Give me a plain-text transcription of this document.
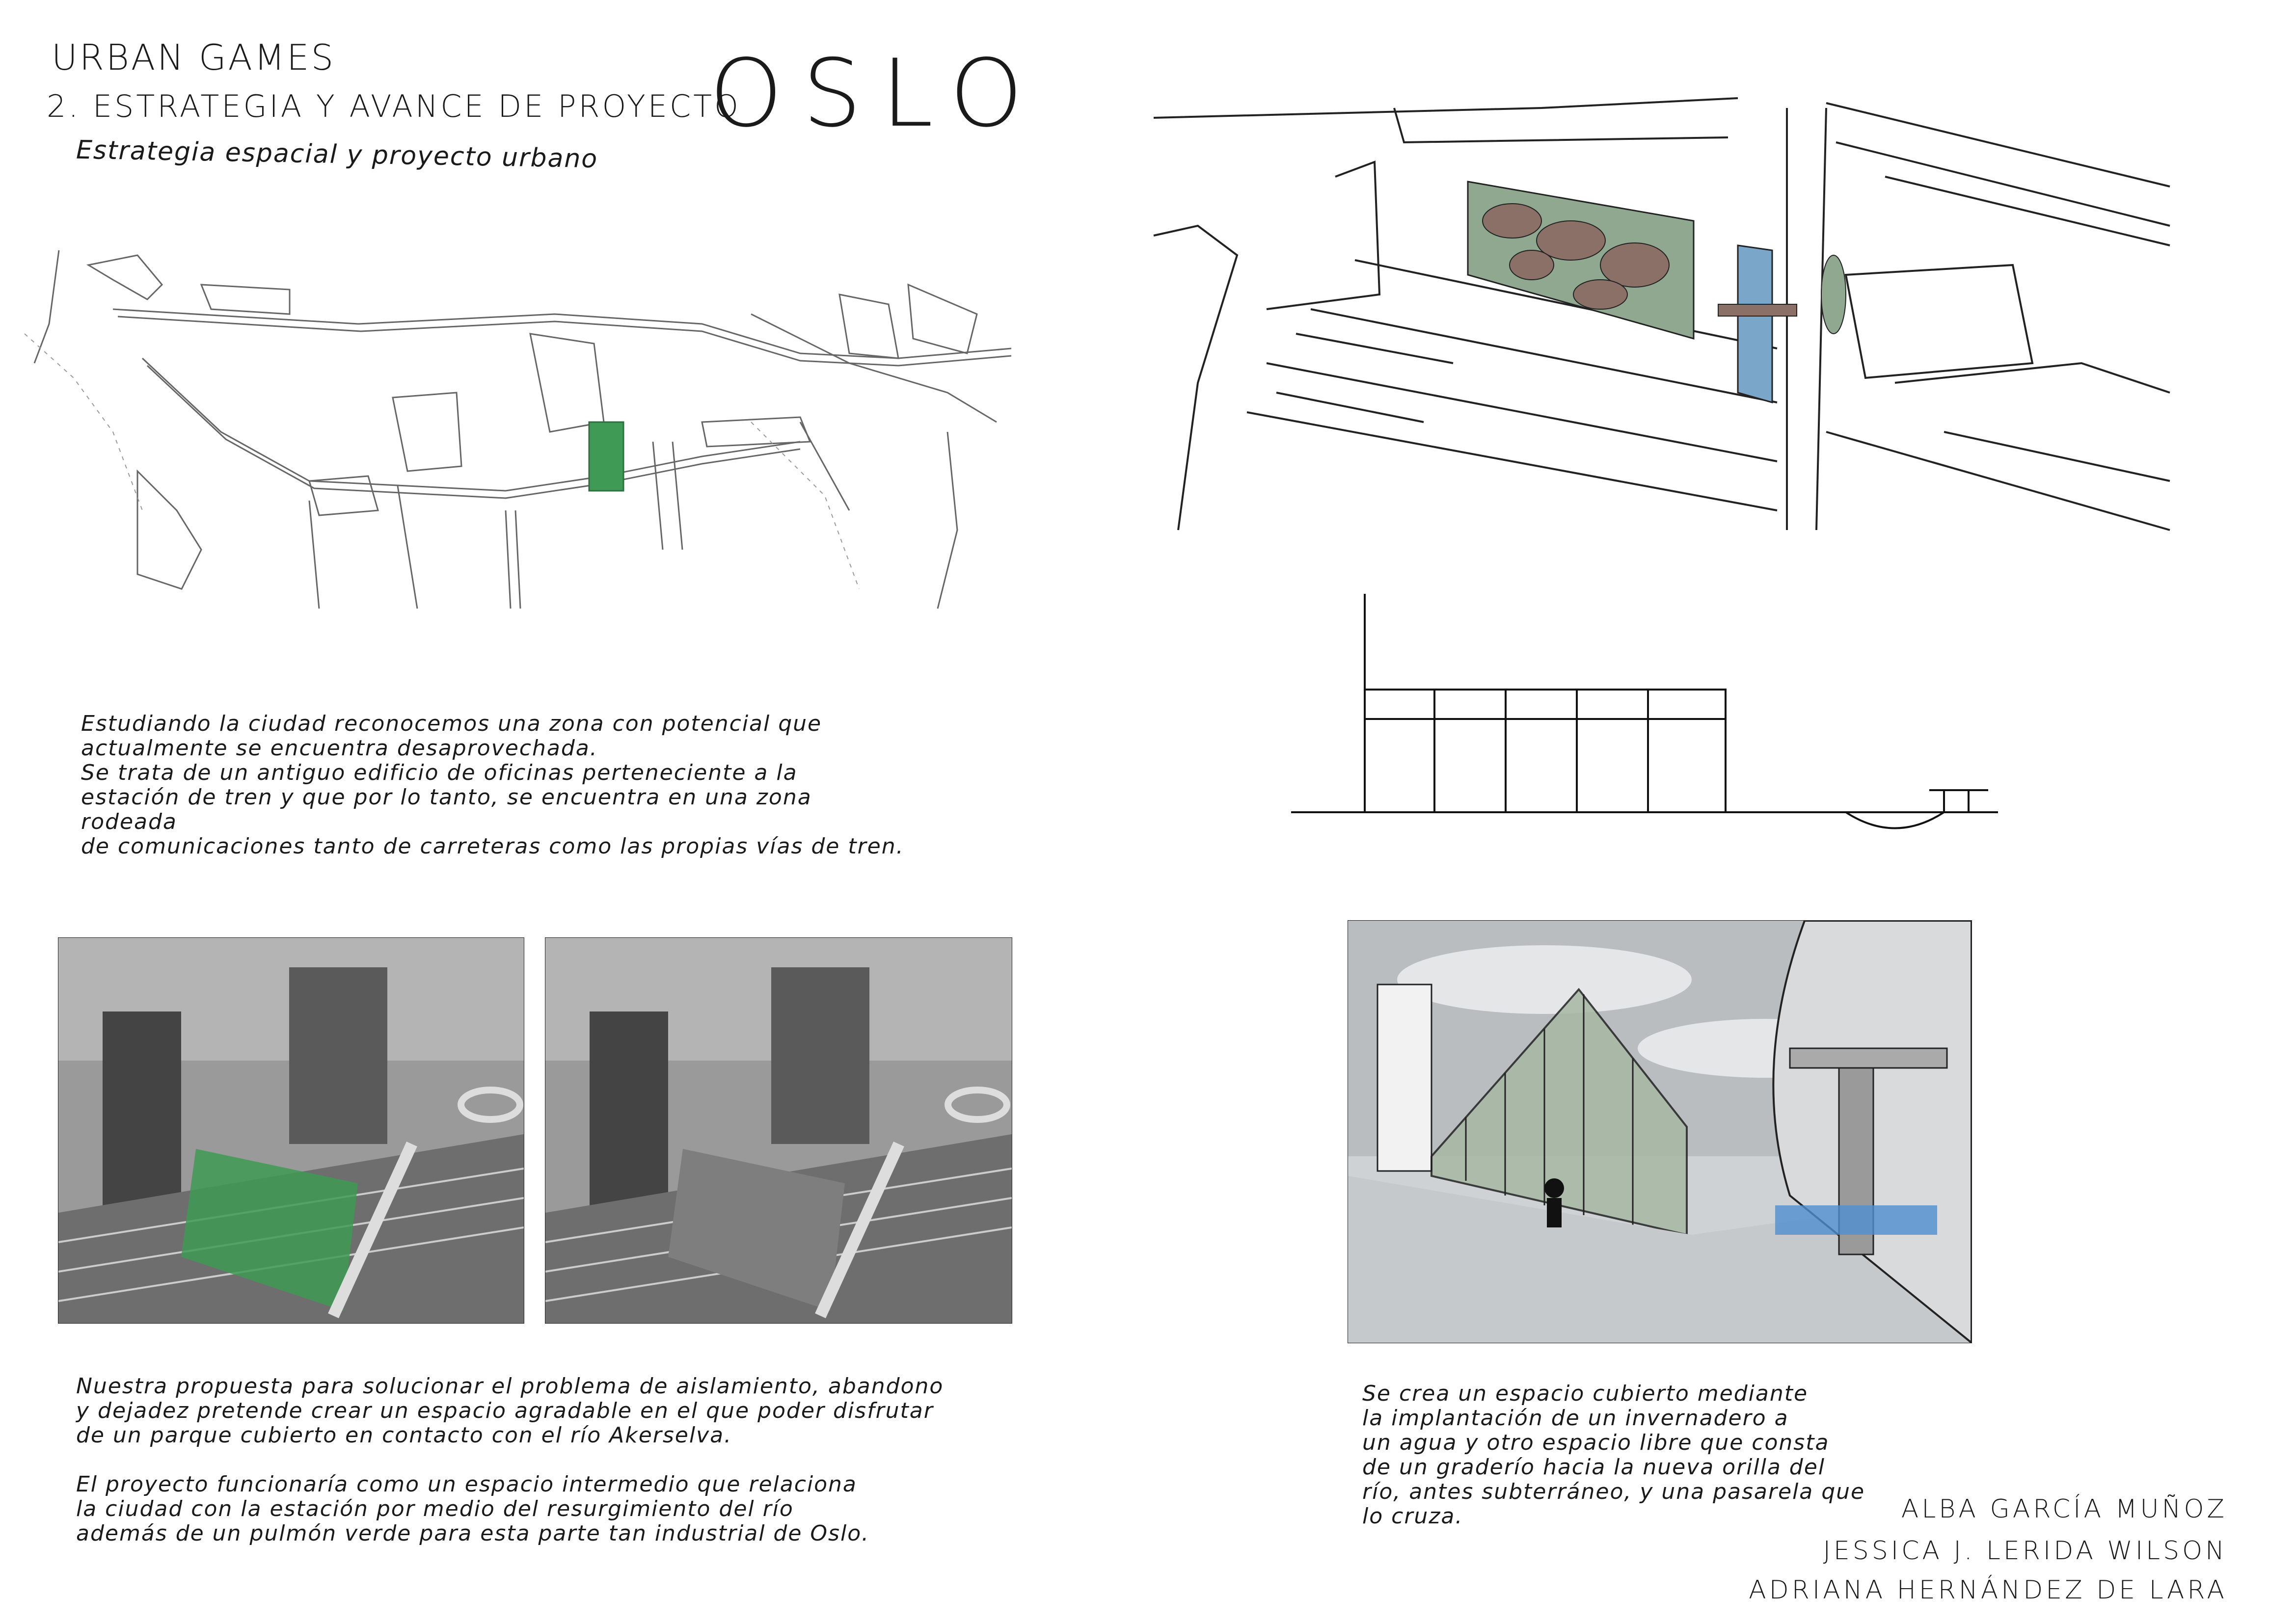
URBAN GAMES
2. ESTRATEGIA Y AVANCE DE PROYECTO
Estrategia espacial y proyecto urbano
OSLO
Estudiando la ciudad reconocemos una zona con potencial que
actualmente se encuentra desaprovechada.
Se trata de un antiguo edificio de oficinas perteneciente a la
estación de tren y que por lo tanto, se encuentra en una zona rodeada
de comunicaciones tanto de carreteras como las propias vías de tren.
Nuestra propuesta para solucionar el problema de aislamiento, abandono
y dejadez pretende crear un espacio agradable en el que poder disfrutar
de un parque cubierto en contacto con el río Akerselva.

El proyecto funcionaría como un espacio intermedio que relaciona
la ciudad con la estación por medio del resurgimiento del río
además de un pulmón verde para esta parte tan industrial de Oslo.
Se crea un espacio cubierto mediante
la implantación de un invernadero a
un agua y otro espacio libre que consta
de un graderío hacia la nueva orilla del
río, antes subterráneo, y una pasarela que
lo cruza.	ALBA GARCÍA MUÑOZ
JESSICA J. LERIDA WILSON
ADRIANA HERNÁNDEZ DE LARA
